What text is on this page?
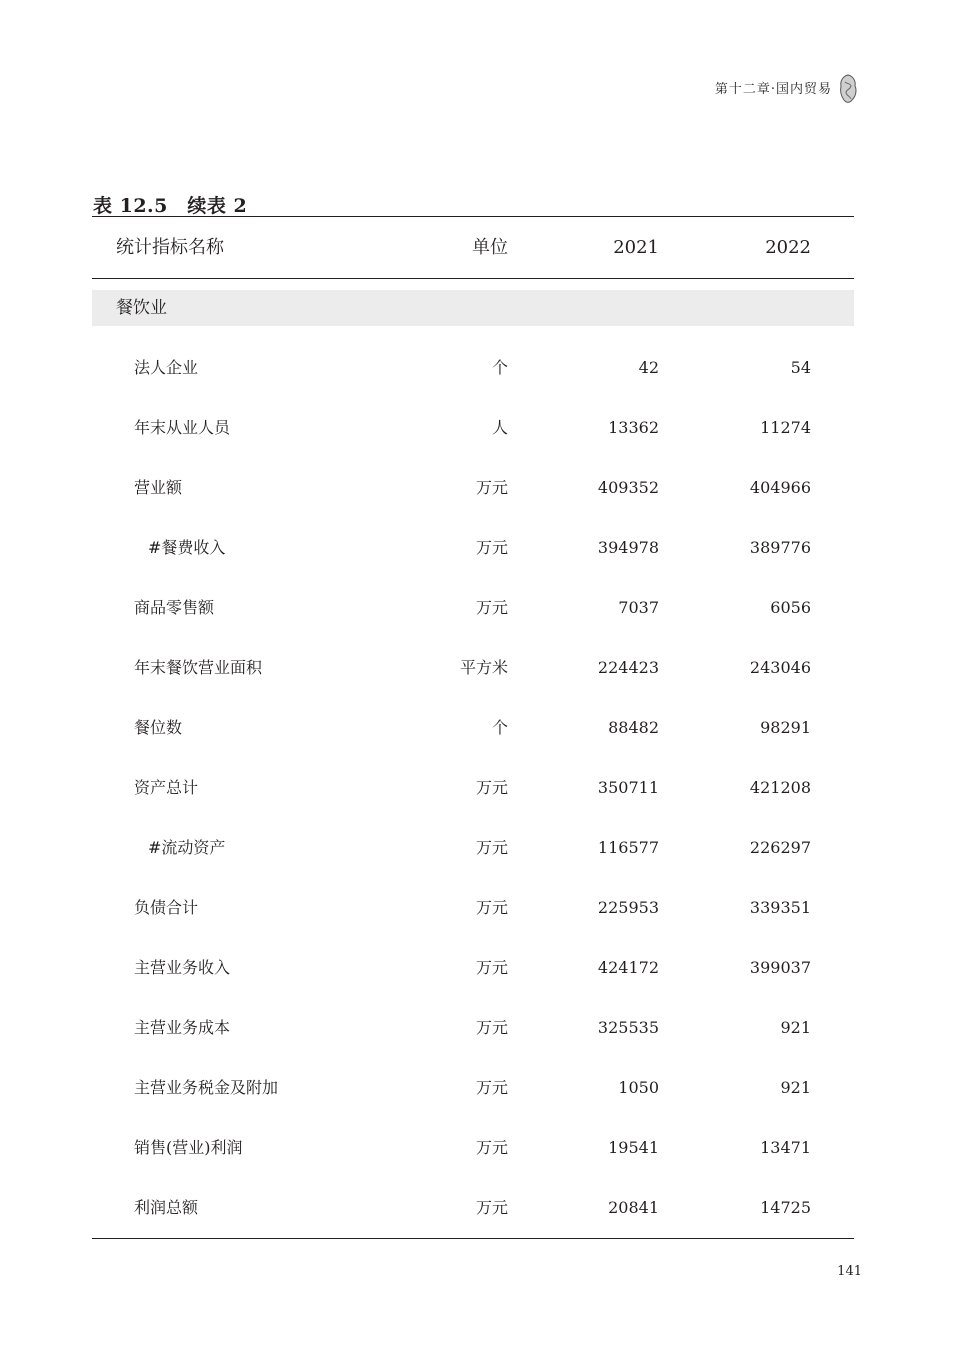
第十二章·国内贸易
表 12.5　续表 2
统计指标名称	单位	2021	2022
餐饮业
法人企业	个	42	54
年末从业人员	人	13362	11274
营业额	万元	409352	404966
#餐费收入	万元	394978	389776
商品零售额	万元	7037	6056
年末餐饮营业面积	平方米	224423	243046
餐位数	个	88482	98291
资产总计	万元	350711	421208
#流动资产	万元	116577	226297
负债合计	万元	225953	339351
主营业务收入	万元	424172	399037
主营业务成本	万元	325535	921
主营业务税金及附加	万元	1050	921
销售(营业)利润	万元	19541	13471
利润总额	万元	20841	14725
141
